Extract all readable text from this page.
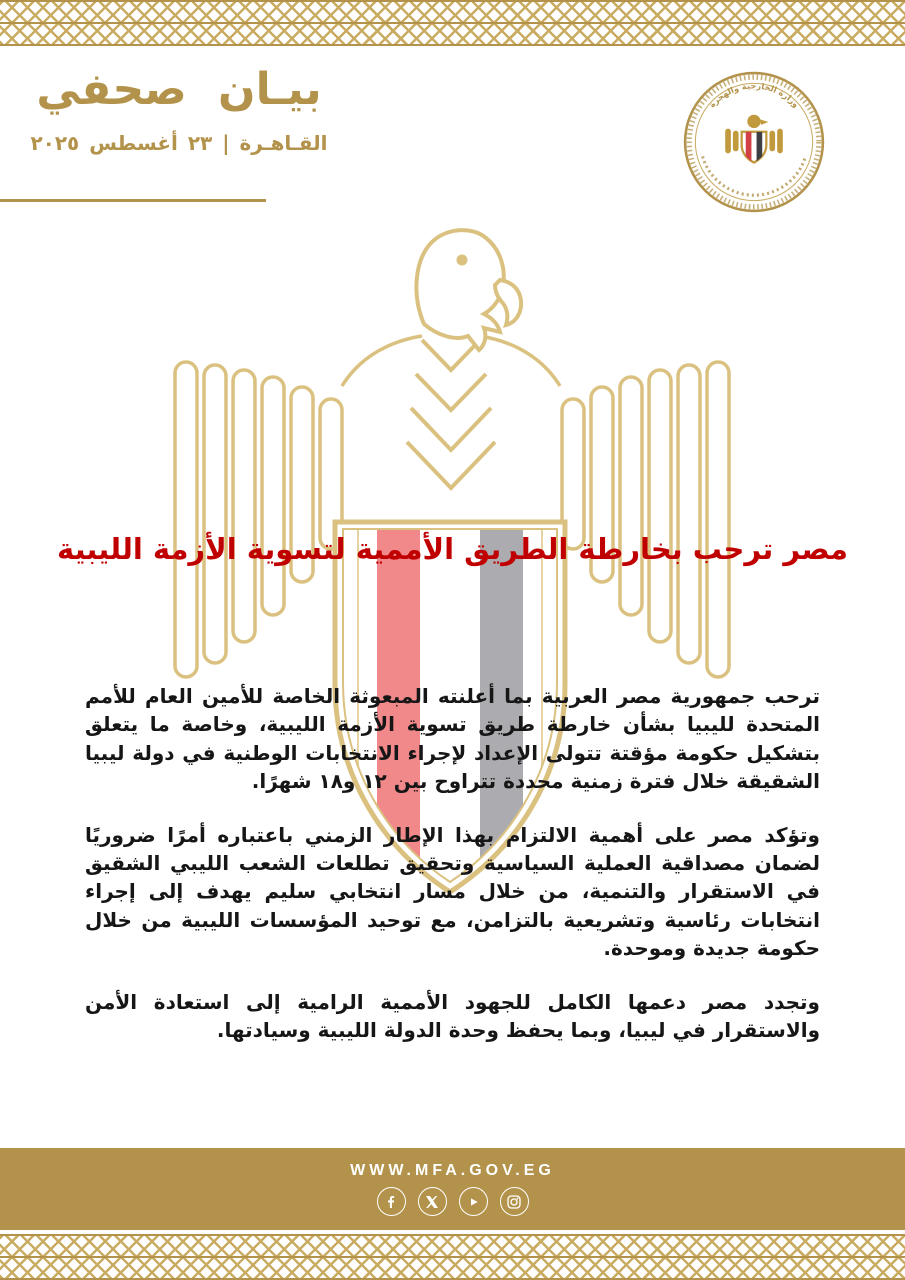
بيـان صحفي
القـاهـرة | ٢٣ أغسطس ٢٠٢٥
وزارة الخارجية والهجرة
مصر ترحب بخارطة الطريق الأممية لتسوية الأزمة الليبية

ترحب جمهورية مصر العربية بما أعلنته المبعوثة الخاصة للأمين العام للأمم المتحدة لليبيا بشأن خارطة طريق تسوية الأزمة الليبية، وخاصة ما يتعلق بتشكيل حكومة مؤقتة تتولى الإعداد لإجراء الانتخابات الوطنية في دولة ليبيا الشقيقة خلال فترة زمنية محددة تتراوح بين ١٢ و١٨ شهرًا.

وتؤكد مصر على أهمية الالتزام بهذا الإطار الزمني باعتباره أمرًا ضروريًا لضمان مصداقية العملية السياسية وتحقيق تطلعات الشعب الليبي الشقيق في الاستقرار والتنمية، من خلال مسار انتخابي سليم يهدف إلى إجراء انتخابات رئاسية وتشريعية بالتزامن، مع توحيد المؤسسات الليبية من خلال حكومة جديدة وموحدة.

وتجدد مصر دعمها الكامل للجهود الأممية الرامية إلى استعادة الأمن والاستقرار في ليبيا، وبما يحفظ وحدة الدولة الليبية وسيادتها.

WWW.MFA.GOV.EG
